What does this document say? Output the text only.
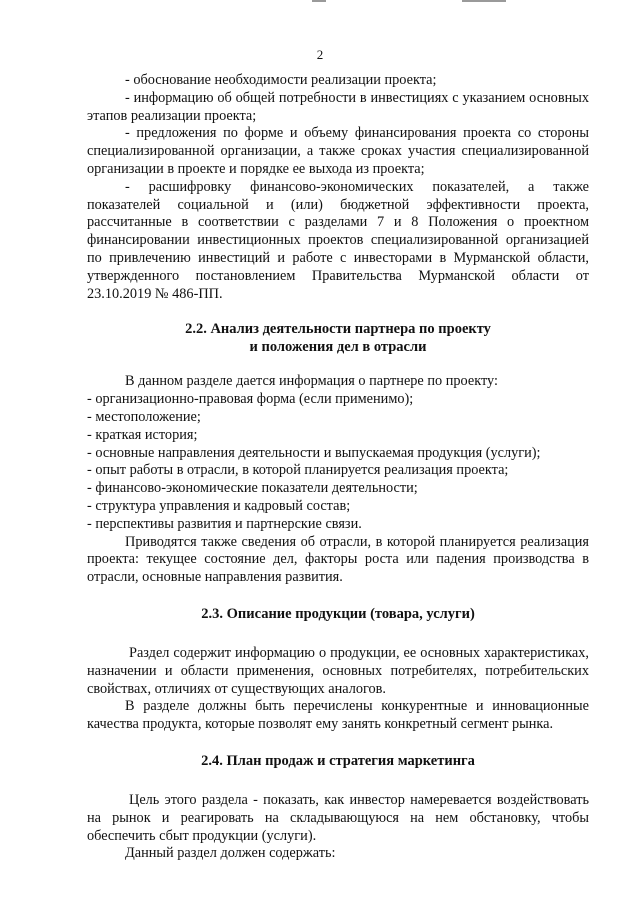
2

- обоснование необходимости реализации проекта;

- информацию об общей потребности в инвестициях с указанием основных этапов реализации проекта;

- предложения по форме и объему финансирования проекта со стороны специализированной организации, а также сроках участия специализированной организации в проекте и порядке ее выхода из проекта;

- расшифровку финансово-экономических показателей, а также показателей социальной и (или) бюджетной эффективности проекта, рассчитанные в соответствии с разделами 7 и 8 Положения о проектном финансировании инвестиционных проектов специализированной организацией по привлечению инвестиций и работе с инвесторами в Мурманской области, утвержденного постановлением Правительства Мурманской области от 23.10.2019 № 486-ПП.

2.2. Анализ деятельности партнера по проекту
и положения дел в отрасли

В данном разделе дается информация о партнере по проекту:

- организационно-правовая форма (если применимо);

- местоположение;

- краткая история;

- основные направления деятельности и выпускаемая продукция (услуги);

- опыт работы в отрасли, в которой планируется реализация проекта;

- финансово-экономические показатели деятельности;

- структура управления и кадровый состав;

- перспективы развития и партнерские связи.

Приводятся также сведения об отрасли, в которой планируется реализация проекта: текущее состояние дел, факторы роста или падения производства в отрасли, основные направления развития.

2.3. Описание продукции (товара, услуги)

Раздел содержит информацию о продукции, ее основных характеристиках, назначении и области применения, основных потребителях, потребительских свойствах, отличиях от существующих аналогов.

В разделе должны быть перечислены конкурентные и инновационные качества продукта, которые позволят ему занять конкретный сегмент рынка.

2.4. План продаж и стратегия маркетинга

Цель этого раздела - показать, как инвестор намеревается воздействовать на рынок и реагировать на складывающуюся на нем обстановку, чтобы обеспечить сбыт продукции (услуги).

Данный раздел должен содержать:
